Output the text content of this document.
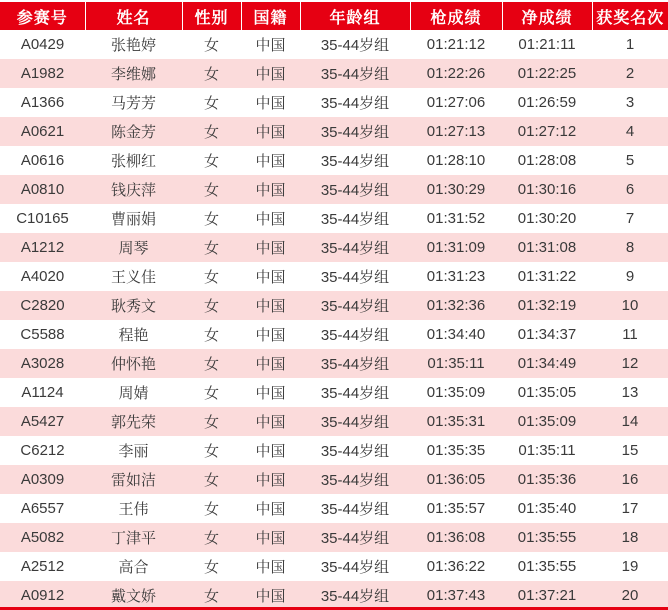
参赛号	姓名	性别	国籍	年龄组	枪成绩	净成绩	获奖名次
A0429	张艳婷	女	中国	35-44岁组	01:21:12	01:21:11	1
A1982	李维娜	女	中国	35-44岁组	01:22:26	01:22:25	2
A1366	马芳芳	女	中国	35-44岁组	01:27:06	01:26:59	3
A0621	陈金芳	女	中国	35-44岁组	01:27:13	01:27:12	4
A0616	张柳红	女	中国	35-44岁组	01:28:10	01:28:08	5
A0810	钱庆萍	女	中国	35-44岁组	01:30:29	01:30:16	6
C10165	曹丽娟	女	中国	35-44岁组	01:31:52	01:30:20	7
A1212	周琴	女	中国	35-44岁组	01:31:09	01:31:08	8
A4020	王义佳	女	中国	35-44岁组	01:31:23	01:31:22	9
C2820	耿秀文	女	中国	35-44岁组	01:32:36	01:32:19	10
C5588	程艳	女	中国	35-44岁组	01:34:40	01:34:37	11
A3028	仲怀艳	女	中国	35-44岁组	01:35:11	01:34:49	12
A1124	周婧	女	中国	35-44岁组	01:35:09	01:35:05	13
A5427	郭先荣	女	中国	35-44岁组	01:35:31	01:35:09	14
C6212	李丽	女	中国	35-44岁组	01:35:35	01:35:11	15
A0309	雷如洁	女	中国	35-44岁组	01:36:05	01:35:36	16
A6557	王伟	女	中国	35-44岁组	01:35:57	01:35:40	17
A5082	丁津平	女	中国	35-44岁组	01:36:08	01:35:55	18
A2512	高合	女	中国	35-44岁组	01:36:22	01:35:55	19
A0912	戴文娇	女	中国	35-44岁组	01:37:43	01:37:21	20
